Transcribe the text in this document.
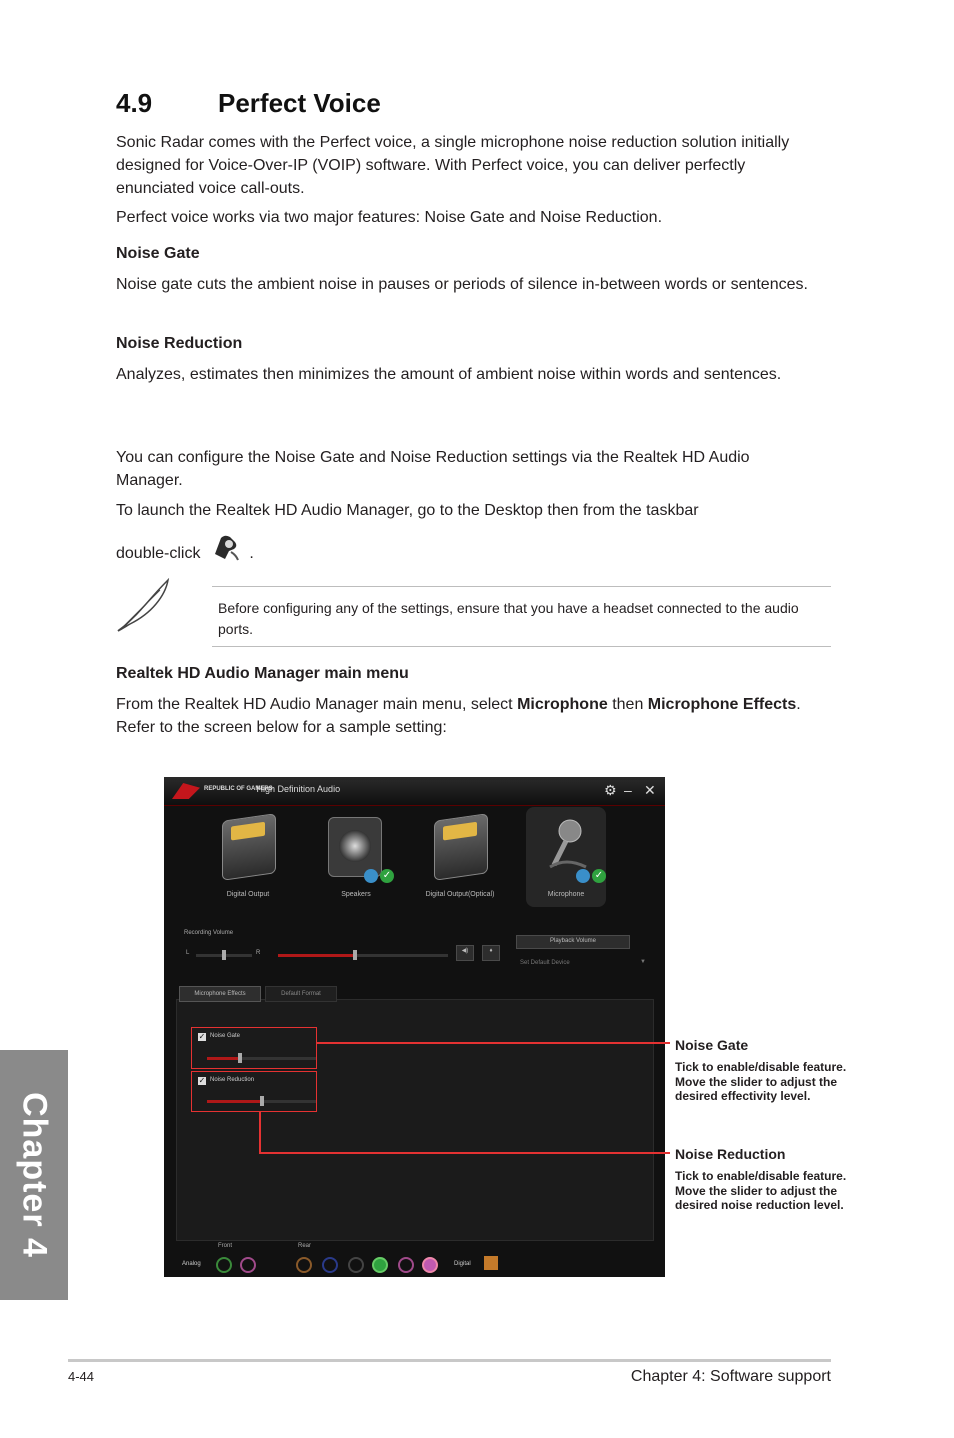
4.9	Perfect Voice
Sonic Radar comes with the Perfect voice, a single microphone noise reduction solution initially designed for Voice-Over-IP (VOIP) software. With Perfect voice, you can deliver perfectly enunciated voice call-outs.
Perfect voice works via two major features: Noise Gate and Noise Reduction.
Noise Gate
Noise gate cuts the ambient noise in pauses or periods of silence in-between words or sentences.
Noise Reduction
Analyzes, estimates then minimizes the amount of ambient noise within words and sentences.
You can configure the Noise Gate and Noise Reduction settings via the Realtek HD Audio Manager.
To launch the Realtek HD Audio Manager, go to the Desktop then from the taskbar
double-click	.
Before configuring any of the settings, ensure that you have a headset connected to the audio ports.
Realtek HD Audio Manager main menu
From the Realtek HD Audio Manager main menu, select Microphone then Microphone Effects. Refer to the screen below for a sample setting:
REPUBLIC OF GAMERS High Definition Audio	⚙ – ✕
Digital Output
✓
Speakers	Digital Output(Optical)
✓
Microphone
Recording Volume
L	R	◀)	♦
Playback Volume
Set Default Device	▼
Microphone Effects	Default Format
✓ Noise Gate
✓ Noise Reduction
Front	Rear
Analog	Digital
Noise Gate
Tick to enable/disable feature. Move the slider to adjust the desired effectivity level.
Noise Reduction
Tick to enable/disable feature. Move the slider to adjust the desired noise reduction level.
Chapter 4
4-44	Chapter 4: Software support
